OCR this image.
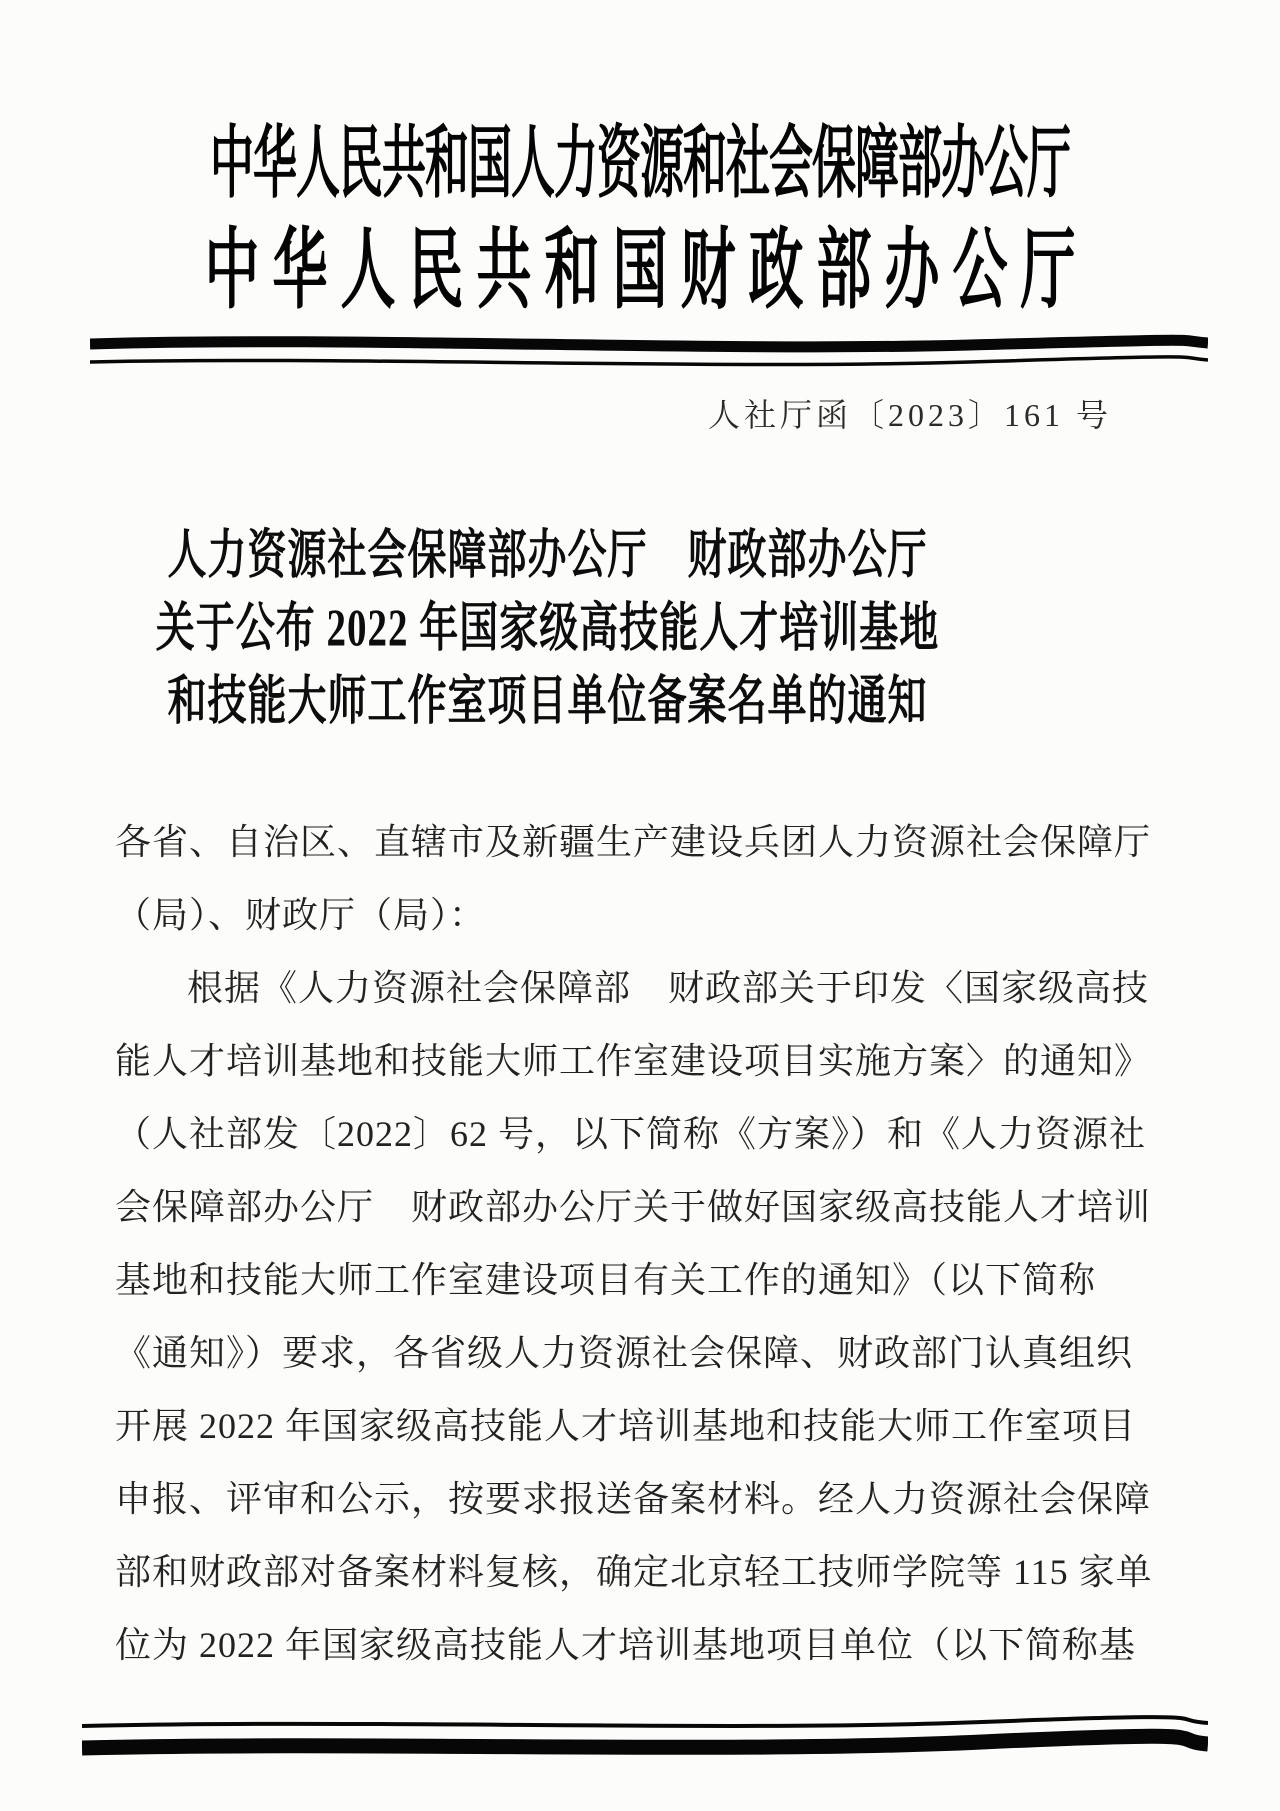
中华人民共和国人力资源和社会保障部办公厅
中华人民共和国财政部办公厅
人社厅函〔2023〕161 号
人力资源社会保障部办公厅　财政部办公厅
关于公布 2022 年国家级高技能人才培训基地
和技能大师工作室项目单位备案名单的通知
各省、自治区、直辖市及新疆生产建设兵团人力资源社会保障厅
（局）、财政厅（局）：
根据《人力资源社会保障部　财政部关于印发〈国家级高技
能人才培训基地和技能大师工作室建设项目实施方案〉的通知》
（人社部发〔2022〕62 号，以下简称《方案》）和《人力资源社
会保障部办公厅　财政部办公厅关于做好国家级高技能人才培训
基地和技能大师工作室建设项目有关工作的通知》（以下简称
《通知》）要求，各省级人力资源社会保障、财政部门认真组织
开展 2022 年国家级高技能人才培训基地和技能大师工作室项目
申报、评审和公示，按要求报送备案材料。经人力资源社会保障
部和财政部对备案材料复核，确定北京轻工技师学院等 115 家单
位为 2022 年国家级高技能人才培训基地项目单位（以下简称基
